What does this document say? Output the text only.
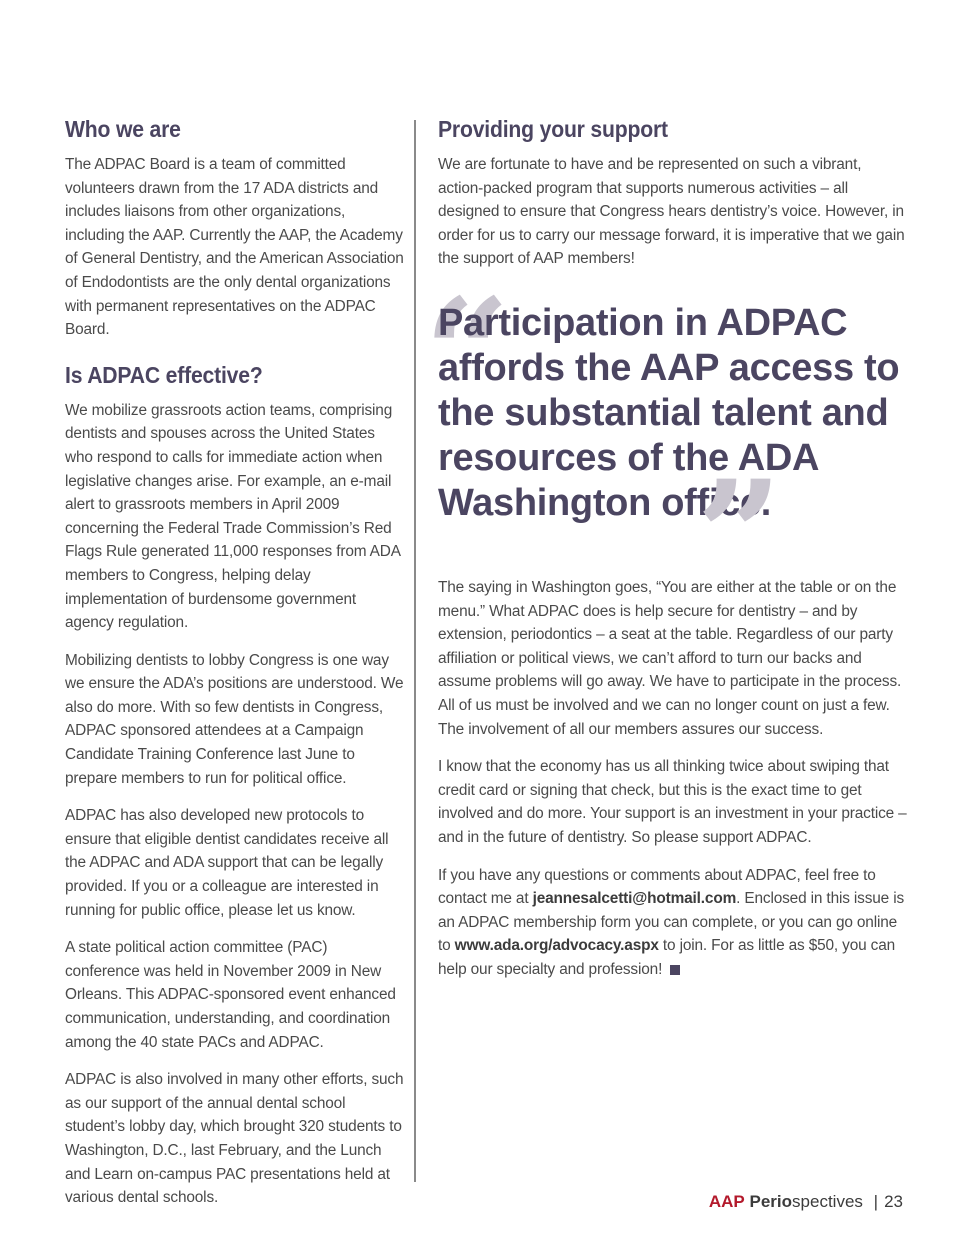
Who we are

The ADPAC Board is a team of committed volunteers drawn from the 17 ADA districts and includes liaisons from other organizations, including the AAP. Currently the AAP, the Academy of General Dentistry, and the American Association of Endodontists are the only dental organizations with permanent representatives on the ADPAC Board.

Is ADPAC effective?

We mobilize grassroots action teams, comprising dentists and spouses across the United States who respond to calls for immediate action when legislative changes arise. For example, an e-mail alert to grassroots members in April 2009 concerning the Federal Trade Commission’s Red Flags Rule generated 11,000 responses from ADA members to Congress, helping delay implementation of burdensome government agency regulation.

Mobilizing dentists to lobby Congress is one way we ensure the ADA’s positions are understood. We also do more. With so few dentists in Congress, ADPAC sponsored attendees at a Campaign Candidate Training Conference last June to prepare members to run for political office.

ADPAC has also developed new protocols to ensure that eligible dentist candidates receive all the ADPAC and ADA support that can be legally provided. If you or a colleague are interested in running for public office, please let us know.

A state political action committee (PAC) conference was held in November 2009 in New Orleans. This ADPAC-sponsored event enhanced communication, understanding, and coordination among the 40 state PACs and ADPAC.

ADPAC is also involved in many other efforts, such as our support of the annual dental school student’s lobby day, which brought 320 students to Washington, D.C., last February, and the Lunch and Learn on-campus PAC presentations held at various dental schools.

Providing your support

We are fortunate to have and be represented on such a vibrant, action-packed program that supports numerous activities – all designed to ensure that Congress hears dentistry’s voice. However, in order for us to carry our message forward, it is imperative that we gain the support of AAP members!

“

Participation in ADPAC affords the AAP access to the substantial talent and resources of the ADA Washington office.

”

The saying in Washington goes, “You are either at the table or on the menu.” What ADPAC does is help secure for dentistry – and by extension, periodontics – a seat at the table. Regardless of our party affiliation or political views, we can’t afford to turn our backs and assume problems will go away. We have to participate in the process. All of us must be involved and we can no longer count on just a few. The involvement of all our members assures our success.

I know that the economy has us all thinking twice about swiping that credit card or signing that check, but this is the exact time to get involved and do more. Your support is an investment in your practice – and in the future of dentistry. So please support ADPAC.

If you have any questions or comments about ADPAC, feel free to contact me at jeannesalcetti@hotmail.com. Enclosed in this issue is an ADPAC membership form you can complete, or you can go online to www.ada.org/advocacy.aspx to join. For as little as $50, you can help our specialty and profession!

AAP Periospectives | 23
